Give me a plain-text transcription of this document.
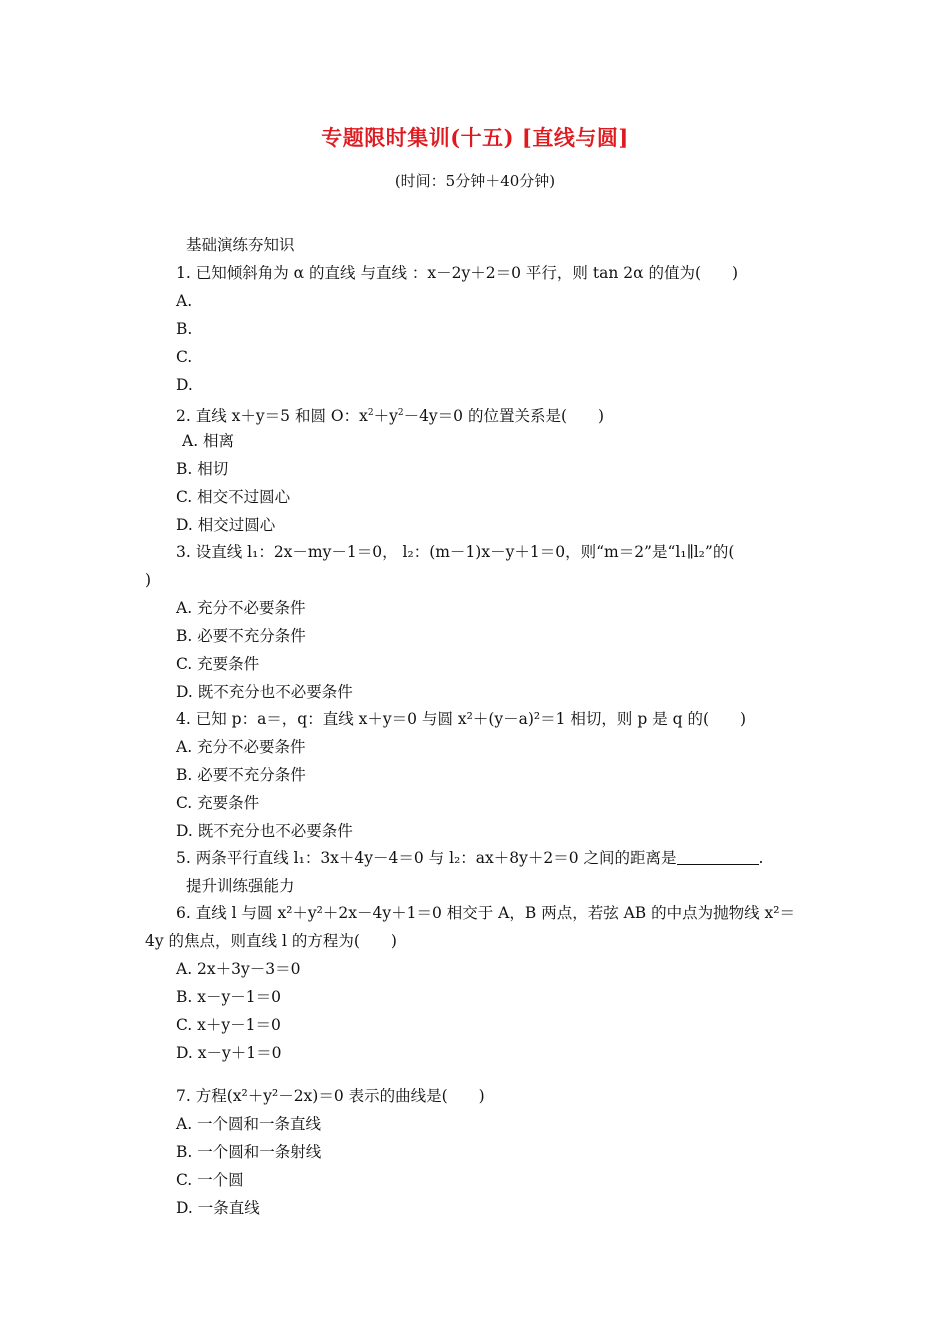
专题限时集训(十五) [直线与圆]
(时间：5分钟＋40分钟)
基础演练夯知识
1. 已知倾斜角为 α 的直线 与直线 ：x－2y＋2＝0 平行，则 tan 2α 的值为(　　)
A.
B.
C.
D.
2. 直线 x＋y＝5 和圆 O：$x^2+y^2-4y=0$ 的位置关系是(　　)
A. 相离
B. 相切
C. 相交不过圆心
D. 相交过圆心
3. 设直线 l₁：2x－my－1＝0， l₂：(m－1)x－y＋1＝0，则“m＝2”是“l₁∥l₂”的(
)
A. 充分不必要条件
B. 必要不充分条件
C. 充要条件
D. 既不充分也不必要条件
4. 已知 p：a＝，q：直线 x＋y＝0 与圆 x²＋(y－a)²＝1 相切，则 p 是 q 的(　　)
A. 充分不必要条件
B. 必要不充分条件
C. 充要条件
D. 既不充分也不必要条件
5. 两条平行直线 l₁：3x＋4y－4＝0 与 l₂：ax＋8y＋2＝0 之间的距离是	.
提升训练强能力
6. 直线 l 与圆 x²＋y²＋2x－4y＋1＝0 相交于 A，B 两点，若弦 AB 的中点为抛物线 x²＝
4y 的焦点，则直线 l 的方程为(　　)
A. 2x＋3y－3＝0
B. x－y－1＝0
C. x＋y－1＝0
D. x－y＋1＝0
7. 方程(x²＋y²－2x)＝0 表示的曲线是(　　)
A. 一个圆和一条直线
B. 一个圆和一条射线
C. 一个圆
D. 一条直线
